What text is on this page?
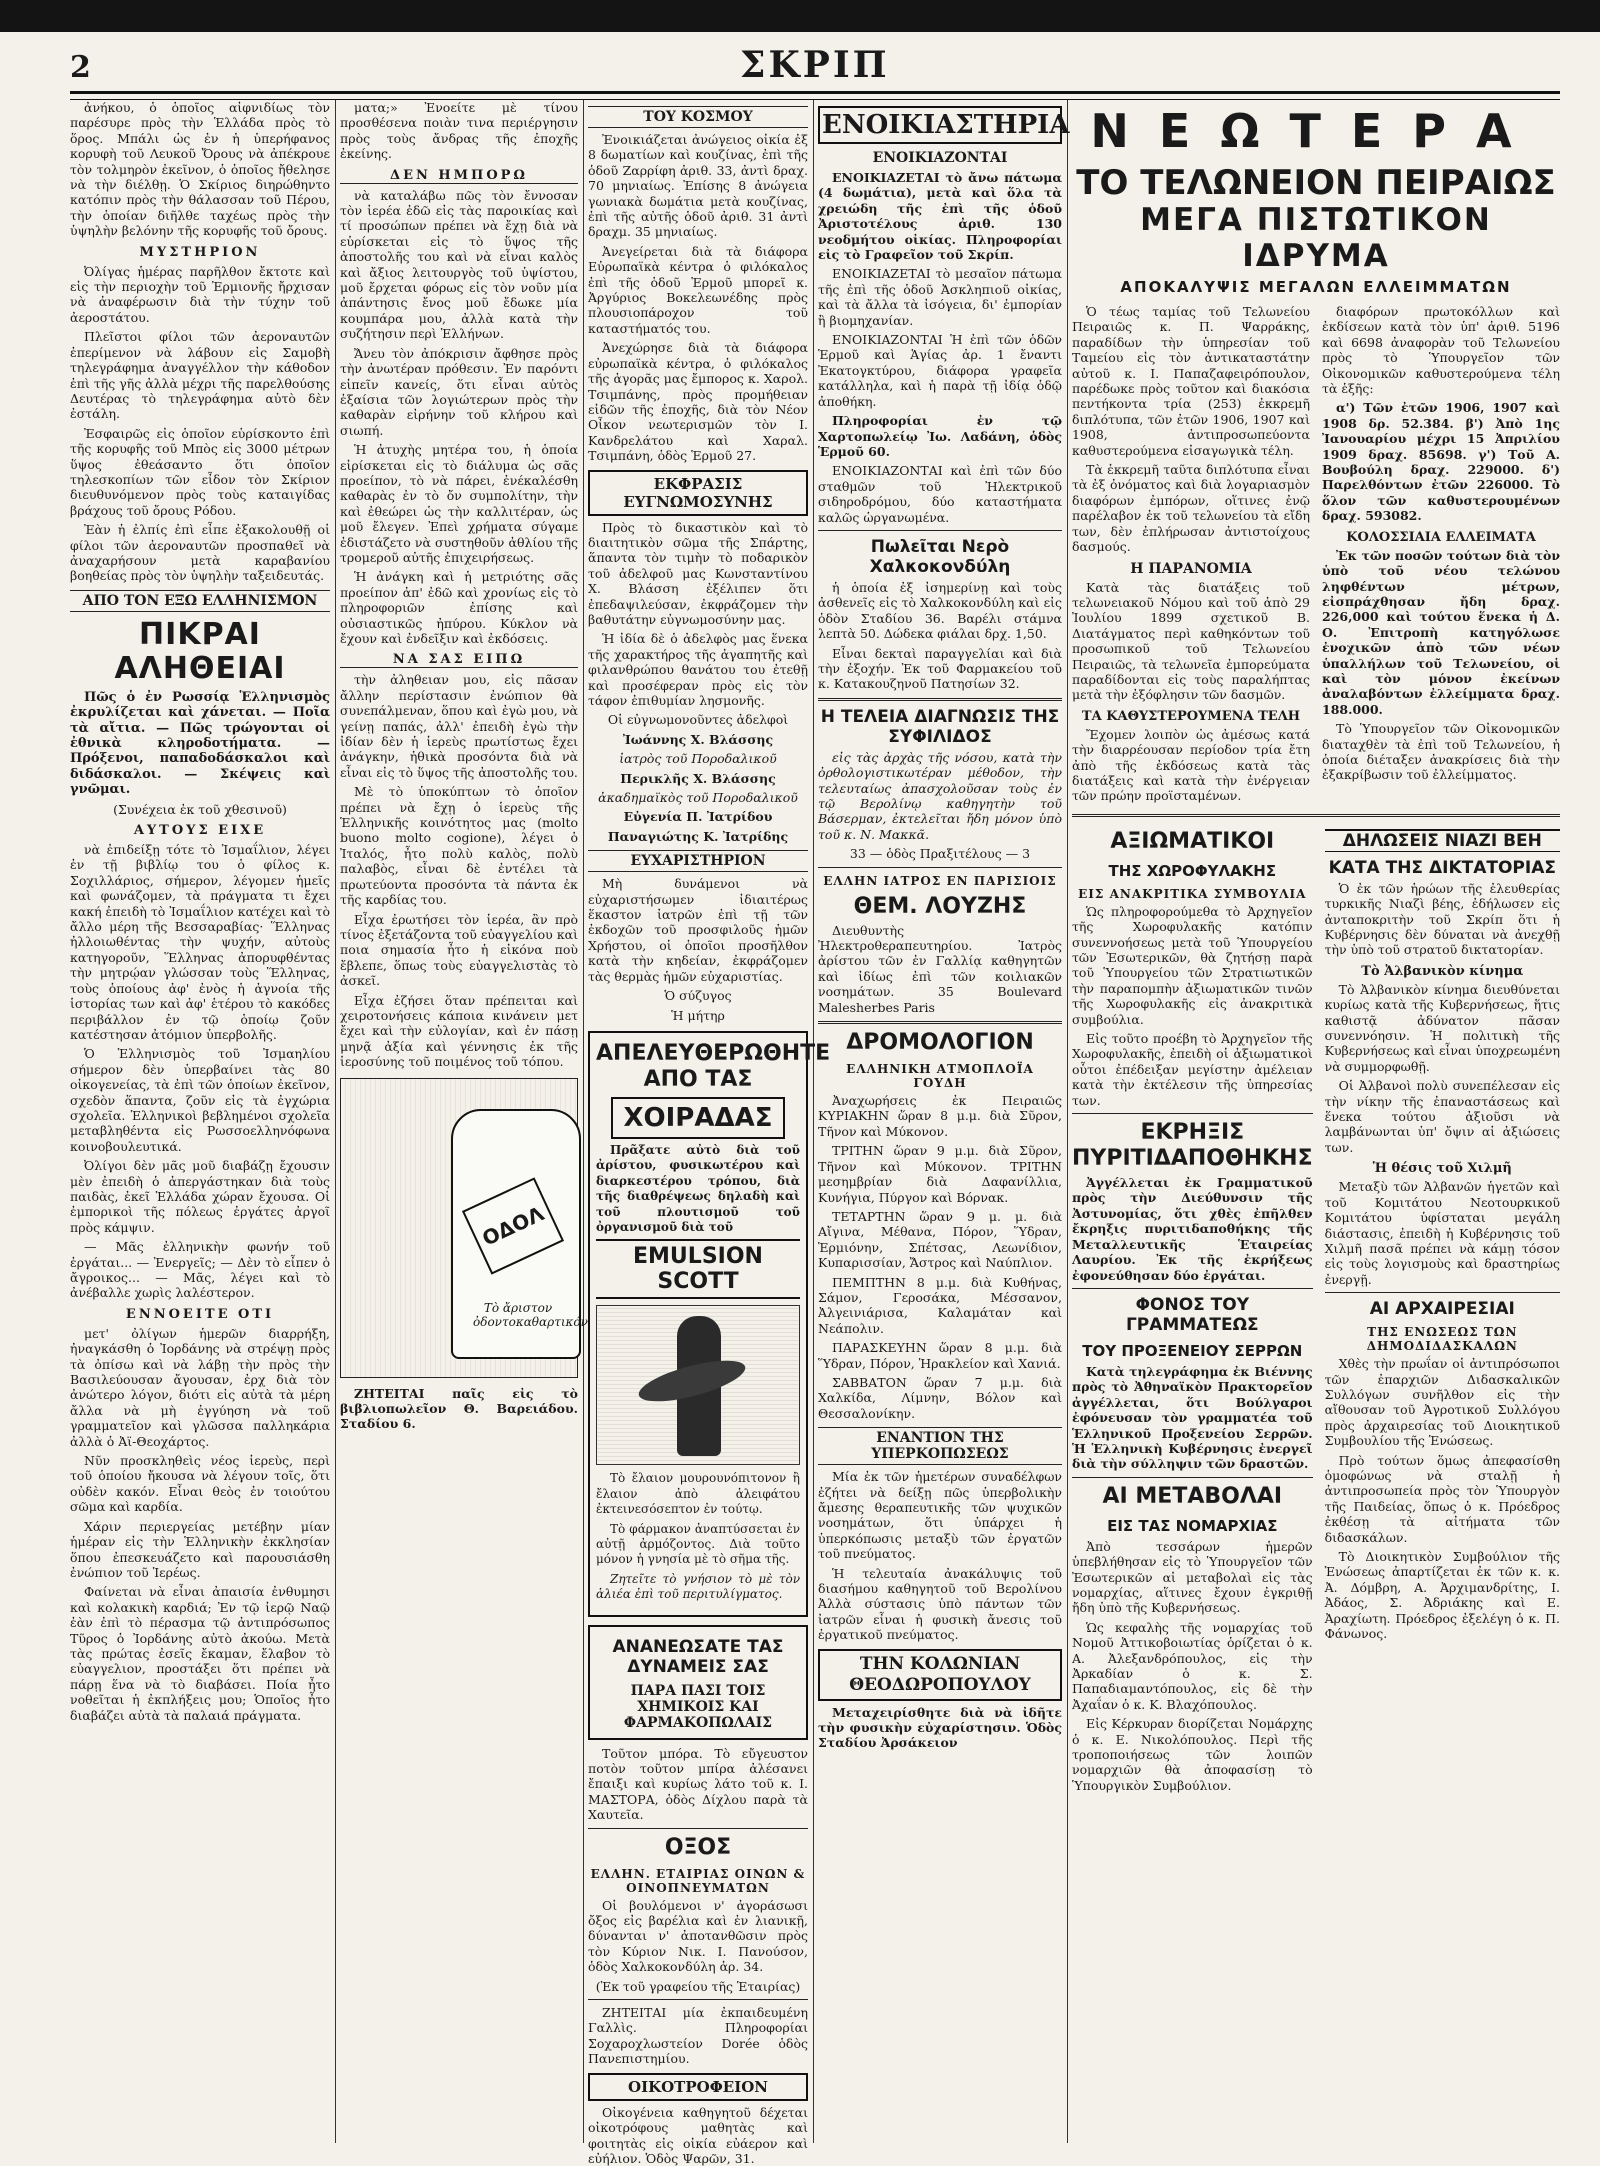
2	ΣΚΡΙΠ

ἀνήκου, ὁ ὁποῖος αἰφνιδίως τὸν παρέσυρε πρὸς τὴν Ἑλλάδα πρὸς τὸ ὅρος. Μπάλι ὡς ἐν ἡ ὑπερήφανος κορυφὴ τοῦ Λευκοῦ Ὄρους νὰ ἀπέκρουε τὸν τολμηρὸν ἐκεῖνον, ὁ ὁποῖος ἤθελησε νὰ τὴν διέλθῃ. Ὁ Σκίριος διηρώθηντο κατόπιν πρὸς τὴν θάλασσαν τοῦ Πέρου, τὴν ὁποίαν διῆλθε ταχέως πρὸς τὴν ὑψηλὴν βελόνην τῆς κορυφῆς τοῦ ὄρους.

ΜΥΣΤΗΡΙΟΝ

Ὀλίγας ἡμέρας παρῆλθον ἔκτοτε καὶ εἰς τὴν περιοχὴν τοῦ Ἐρμιονῆς ἤρχισαν νὰ ἀναφέρωσιν διὰ τὴν τύχην τοῦ ἀεροστάτου.

Πλεῖστοι φίλοι τῶν ἀεροναυτῶν ἐπερίμενον νὰ λάβουν εἰς Σαμοβὴ τηλεγράφημα ἀναγγέλλον τὴν κάθοδον ἐπὶ τῆς γῆς ἀλλὰ μέχρι τῆς παρελθούσης Δευτέρας τὸ τηλεγράφημα αὐτὸ δὲν ἐστάλη.

Ἐσφαιρῶς εἰς ὁποῖον εὑρίσκοντο ἐπὶ τῆς κορυφῆς τοῦ Μπὸς εἰς 3000 μέτρων ὕψος ἐθεάσαντο ὅτι ὁποῖον τηλεσκοπίων τῶν εἶδον τὸν Σκίριον διευθυνόμενον πρὸς τοὺς καταιγίδας βράχους τοῦ ὄρους Ρόδου.

Ἐὰν ἡ ἐλπίς ἐπὶ εἶπε ἐξακολουθῇ οἱ φίλοι τῶν ἀεροναυτῶν προσπαθεῖ νὰ ἀναχαρήσουν μετὰ καραβανίου βοηθείας πρὸς τὸν ὑψηλὴν ταξειδευτάς.

ΑΠΟ ΤΟΝ ΕΞΩ ΕΛΛΗΝΙΣΜΟΝ
ΠΙΚΡΑΙ ΑΛΗΘΕΙΑΙ

Πῶς ὁ ἐν Ρωσσίᾳ Ἑλληνισμὸς ἐκρυλίζεται καὶ χάνεται. — Ποῖα τὰ αἴτια. — Πῶς τρώγονται οἱ ἐθνικὰ κληροδοτήματα. — Πρόξενοι, παπαδοδάσκαλοι καὶ διδάσκαλοι. — Σκέψεις καὶ γνῶμαι.

(Συνέχεια ἐκ τοῦ χθεσινοῦ)

ΑΥΤΟΥΣ ΕΙΧΕ

νὰ ἐπιδείξῃ τότε τὸ Ἰσμαΐλιον, λέγει ἐν τῇ βιβλίῳ του ὁ φίλος κ. Σοχιλλάριος, σήμερον, λέγομεν ἡμεῖς καὶ φωνάζομεν, τὰ πράγματα τι ἔχει κακή ἐπειδὴ τὸ Ἰσμαΐλιον κατέχει καὶ τὸ ἄλλο μέρη τῆς Βεσσαραβίας· Ἕλληνας ἠλλοιωθέντας τὴν ψυχήν, αὐτοὺς κατηγοροῦν, Ἕλληνας ἀπορυφθέντας τὴν μητρῴαν γλώσσαν τοὺς Ἕλληνας, τοὺς ὁποίους ἀφ' ἐνὸς ἡ ἀγνοία τῆς ἱστορίας των καὶ ἀφ' ἑτέρου τὸ κακόδες περιβάλλον ἐν τῷ ὁποίῳ ζοῦν κατέστησαν ἀτόμιον ὑπερβολῆς.

Ὁ Ἑλληνισμὸς τοῦ Ἰσμαηλίου σήμερον δὲν ὑπερβαίνει τὰς 80 οἰκογενείας, τὰ ἐπὶ τῶν ὁποίων ἐκεῖνον, σχεδὸν ἅπαντα, ζοῦν εἰς τὰ ἐγχώρια σχολεῖα. Ἑλληνικοὶ βεβλημένοι σχολεῖα μεταβληθέντα εἰς Ρωσσοελληνόφωνα κοινοβουλευτικά.

Ὀλίγοι δὲν μᾶς μοῦ διαβάζῃ ἔχουσιν μὲν ἐπειδὴ ὁ ἀπεργάστηκαν διὰ τοὺς παιδὰς, ἐκεῖ Ἑλλάδα χώραν ἔχουσα. Οἱ ἐμπορικοὶ τῆς πόλεως ἐργάτες ἀργοῖ πρὸς κάμψιν.

— Μᾶς ἐλληνικὴν φωνήν τοῦ ἐργάται... — Ἐνεργεῖς; — Δὲν τὸ εἶπεν ὁ ἄγροικος... — Μᾶς, λέγει καὶ τὸ ἀνέβαλλε χωρὶς λαλέστερον.

ΕΝΝΟΕΙΤΕ ΟΤΙ

μετ' ὀλίγων ἡμερῶν διαρρήξη, ἠναγκάσθη ὁ Ἰορδάνης νὰ στρέψῃ πρὸς τὰ ὀπίσω καὶ νὰ λάβῃ τὴν πρὸς τὴν Βασιλεύουσαν ἄγουσαν, ἐρχ διὰ τὸν ἀνώτερο λόγον, διότι εἰς αὐτὰ τὰ μέρη ἄλλα νὰ μὴ ἐγγύηση νὰ τοῦ γραμματεῖον καὶ γλῶσσα παλληκάρια ἀλλὰ ὁ Ἀϊ-Θεοχάρτος.

Νῦν προσκληθεὶς νέος ἱερεὺς, περὶ τοῦ ὁποίου ἤκουσα νὰ λέγουν τοῖς, ὅτι οὐδὲν κακόν. Εἶναι θεὸς ἐν τοιούτου σῶμα καὶ καρδία.

Χάριν περιεργείας μετέβην μίαν ἡμέραν εἰς τὴν Ἑλληνικὴν ἐκκλησίαν ὅπου ἐπεσκευάζετο καὶ παρουσιάσθη ἐνώπιον τοῦ Ἱερέως.

Φαίνεται νὰ εἶναι ἀπαισία ἐνθυμησι καὶ κολακικὴ καρδιά; Ἐν τῷ ἱερῷ Ναῷ ἐὰν ἐπὶ τὸ πέρασμα τῷ ἀντιπρόσωπος Τῦρος ὁ Ἰορδάνης αὐτὸ ἀκούω. Μετὰ τὰς πρώτας ἐσεῖς ἔκαμαν, ἔλαβον τὸ εὐαγγελιον, προστάξει ὅτι πρέπει νὰ πάρῃ ἕνα νὰ τὸ διαβάσει. Ποία ἦτο νοθεῖται ἡ ἐκπλήξεις μου; Ὁποῖος ἦτο διαβάζει αὐτὰ τὰ παλαιά πράγματα.

ματα;» Ἐνοείτε μὲ τίνου προσθέσενα ποιὰν τινα περιέργησιν πρὸς τοὺς ἄνδρας τῆς ἐποχῆς ἐκείνης.

ΔΕΝ ΗΜΠΟΡΩ

νὰ καταλάβω πῶς τὸν ἔννοσαν τὸν ἱερέα ἐδῶ εἰς τὰς παροικίας καὶ τί προσώπων πρέπει νὰ ἔχῃ διὰ νὰ εὑρίσκεται εἰς τὸ ὕψος τῆς ἀποστολῆς του καὶ νὰ εἶναι καλὸς καὶ ἄξιος λειτουργὸς τοῦ ὑψίστου, μοῦ ἔρχεται φόρως εἰς τὸν νοῦν μία ἀπάντησις ἔνος μοῦ ἔδωκε μία κουμπάρα μου, ἀλλὰ κατὰ τὴν συζήτησιν περὶ Ἑλλήνων.

Ἄνευ τὸν ἀπόκρισιν ἄφθησε πρὸς τὴν ἀνωτέραν πρόθεσιν. Ἐν παρόντι εἰπεῖν κανείς, ὅτι εἶναι αὐτὸς ἐξαίσια τῶν λογιώτερων πρὸς τὴν καθαρὰν εἰρήνην τοῦ κλήρου καὶ σιωπή.

Ἡ ἀτυχὴς μητέρα του, ἡ ὁποία εἰρίσκεται εἰς τὸ διάλυμα ὡς σᾶς προείπον, τὸ νὰ πάρει, ἐνέκαλέσθη καθαρὰς ἐν τὸ ὄν συμπολίτην, τὴν καὶ ἐθεώρει ὡς τὴν καλλιτέραν, ὡς μοῦ ἔλεγεν. Ἐπεὶ χρήματα σύγαμε ἐδιστάζετο νὰ συστηθοῦν ἀθλίου τῆς τρομεροῦ αὐτῆς ἐπιχειρήσεως.

Ἡ ἀνάγκη καὶ ἡ μετριότης σᾶς προείπον ἀπ' ἐδῶ καὶ χρονίως εἰς τὸ πληροφοριῶν ἐπίσης καὶ οὐσιαστικῶς ἠπύρου. Κύκλον νὰ ἔχουν καὶ ἐνδεῖξιν καὶ ἐκδόσεις.

ΝΑ ΣΑΣ ΕΙΠΩ

τὴν ἀληθειαν μου, εἰς πᾶσαν ἄλλην περίστασιν ἐνώπιον θὰ συνεπάλμεναν, ὅπου καὶ ἐγὼ μου, νὰ γείνῃ παπάς, ἀλλ' ἐπειδὴ ἐγὼ τὴν ἰδίαν δὲν ἡ ἱερεὺς πρωτίστως ἔχει ἀνάγκην, ἠθικὰ προσόντα διὰ νὰ εἶναι εἰς τὸ ὕψος τῆς ἀποστολῆς του.

Μὲ τὸ ὑποκύπτων τὸ ὁποῖον πρέπει νὰ ἔχῃ ὁ ἱερεὺς τῆς Ἑλληνικῆς κοινότητος μας (molto buono molto cogione), λέγει ὁ Ἰταλός, ἦτο πολὺ καλὸς, πολὺ παλαβὸς, εἶναι δὲ ἐντέλει τὰ πρωτεύοντα προσόντα τὰ πάντα ἐκ τῆς καρδίας του.

Εἶχα ἐρωτήσει τὸν ἱερέα, ἂν πρὸ τίνος ἐξετάζοντα τοῦ εὐαγγελίου καὶ ποια σημασία ἦτο ἡ εἰκόνα ποὺ ἔβλεπε, ὅπως τοὺς εὐαγγελιστὰς τὸ ἀσκεῖ.

Εἶχα ἐζήσει ὅταν πρέπειται καὶ χειροτονήσεις κάποια κινάνειν μετ ἔχει καὶ τὴν εὐλογίαν, καὶ ἐν πάσῃ μηνᾷ ἀξία καὶ γέννησις ἐκ τῆς ἱεροσύνης τοῦ ποιμένος τοῦ τόπου.

ΟΔΟΛ
Τὸ ἄριστον ὀδοντοκαθαρτικόν

ΖΗΤΕΙΤΑΙ παῖς εἰς τὸ βιβλιοπωλεῖον Θ. Βαρειάδου. Σταδίου 6.

ΤΟΥ ΚΟΣΜΟΥ

Ἐνοικιάζεται ἀνώγειος οἰκία ἐξ 8 δωματίων καὶ κουζίνας, ἐπὶ τῆς ὁδοῦ Ζαρρίφη ἀριθ. 33, ἀντὶ δραχ. 70 μηνιαίως. Ἐπίσης 8 ἀνώγεια γωνιακὰ δωμάτια μετὰ κουζίνας, ἐπὶ τῆς αὐτῆς ὁδοῦ ἀριθ. 31 ἀντὶ δραχμ. 35 μηνιαίως.

Ἀνεγείρεται διὰ τὰ διάφορα Εὐρωπαϊκὰ κέντρα ὁ φιλόκαλος ἐπὶ τῆς ὁδοῦ Ἑρμοῦ μπορεῖ κ. Ἀργύριος Βοκελεωνέδης πρὸς πλουσιοπάροχον τοῦ καταστήματός του.

Ἀνεχώρησε διὰ τὰ διάφορα εὐρωπαϊκὰ κέντρα, ὁ φιλόκαλος τῆς ἀγορᾶς μας ἔμπορος κ. Χαρολ. Τσιμπάνης, πρὸς προμήθειαν εἰδῶν τῆς ἐποχῆς, διὰ τὸν Νέον Οἶκον νεωτερισμῶν τὸν Ι. Κανδρελάτου καὶ Χαραλ. Τσιμπάνη, ὁδὸς Ἑρμοῦ 27.

ΕΚΦΡΑΣΙΣ ΕΥΓΝΩΜΟΣΥΝΗΣ

Πρὸς τὸ δικαστικὸν καὶ τὸ διαιτητικὸν σῶμα τῆς Σπάρτης, ἅπαντα τὸν τιμὴν τὸ ποδαρικὸν τοῦ ἀδελφοῦ μας Κωνσταντίνου Χ. Βλάσση ἐξέλιπεν ὅτι ἐπεδαψιλεύσαν, ἐκφράζομεν τὴν βαθυτάτην εὐγνωμοσύνην μας.

Ἡ ἰδία δὲ ὁ ἀδελφὸς μας ἕνεκα τῆς χαρακτήρος τῆς ἀγαπητῆς καὶ φιλανθρώπου θανάτου του ἐτεθῇ καὶ προσέφεραν πρὸς εἰς τὸν τάφον ἐπιθυμίαν λησμονῆς.

Οἱ εὐγνωμονοῦντες ἀδελφοὶ

Ἰωάννης Χ. Βλάσσης

ἰατρὸς τοῦ Ποροδαλικοῦ

Περικλῆς Χ. Βλάσσης

ἀκαδημαϊκὸς τοῦ Ποροδαλικοῦ

Εὐγενία Π. Ἰατρίδου

Παναγιώτης Κ. Ἰατρίδης

ΕΥΧΑΡΙΣΤΗΡΙΟΝ

Μὴ δυνάμενοι νὰ εὐχαριστήσωμεν ἰδιαιτέρως ἕκαστον ἰατρῶν ἐπὶ τῇ τῶν ἐκδοχῶν τοῦ προσφιλοῦς ἡμῶν Χρήστου, οἱ ὁποῖοι προσῆλθον κατὰ τὴν κηδείαν, ἐκφράζομεν τὰς θερμὰς ἡμῶν εὐχαριστίας.

Ὁ σύζυγος

Ἡ μήτηρ

ΑΠΕΛΕΥΘΕΡΩΘΗΤΕ ΑΠΟ ΤΑΣ
ΧΟΙΡΑΔΑΣ

Πρᾶξατε αὐτὸ διὰ τοῦ ἀρίστου, φυσικωτέρου καὶ διαρκεστέρου τρόπου, διὰ τῆς διαθρέψεως δηλαδὴ καὶ τοῦ πλουτισμοῦ τοῦ ὀργανισμοῦ διὰ τοῦ

EMULSION SCOTT

Τὸ ἔλαιον μουρουνόπιτονον ἢ ἔλαιον ἀπὸ ἀλειφάτου ἐκτεινεσόσεπτον ἐν τούτῳ.

Τὸ φάρμακον ἀναπτύσσεται ἐν αὐτῇ ἀρμόζοντος. Διὰ τοῦτο μόνον ἡ γνησία μὲ τὸ σῆμα τῆς.

Ζητεῖτε τὸ γνήσιον τὸ μὲ τὸν ἁλιέα ἐπὶ τοῦ περιτυλίγματος.

ΑΝΑΝΕΩΣΑΤΕ ΤΑΣ ΔΥΝΑΜΕΙΣ ΣΑΣ
ΠΑΡΑ ΠΑΣΙ ΤΟΙΣ ΧΗΜΙΚΟΙΣ ΚΑΙ ΦΑΡΜΑΚΟΠΩΛΑΙΣ

Τοῦτον μπόρα. Τὸ εὔγευστον ποτὸν τοῦτον μπίρα ἀλέσανει ἔπαιξι καὶ κυρίως λάτο τοῦ κ. Ι. ΜΑΣΤΟΡΑ, ὁδὸς Δίχλου παρὰ τὰ Χαυτεῖα.

ΟΞΟΣ
ΕΛΛΗΝ. ΕΤΑΙΡΙΑΣ ΟΙΝΩΝ & ΟΙΝΟΠΝΕΥΜΑΤΩΝ

Οἱ βουλόμενοι ν' ἀγοράσωσι ὄξος εἰς βαρέλια καὶ ἐν λιανικῇ, δύνανται ν' ἀποτανθῶσιν πρὸς τὸν Κύριον Νικ. Ι. Πανούσον, ὁδὸς Χαλκοκονδύλη ἀρ. 34.

(Ἐκ τοῦ γραφείου τῆς Ἑταιρίας)

ΖΗΤΕΙΤΑΙ μία ἐκπαιδευμένη Γαλλὶς. Πληροφορίαι Σοχαροχλωστείον Dorée ὁδὸς Πανεπιστημίου.

ΟΙΚΟΤΡΟΦΕΙΟΝ

Οἰκογένεια καθηγητοῦ δέχεται οἰκοτρόφους μαθητὰς καὶ φοιτητὰς εἰς οἰκία εὐάερον καὶ εὐήλιον. Ὁδὸς Ψαρῶν, 31.

ΕΝΟΙΚΙΑΣΤΗΡΙΑ
ΕΝΟΙΚΙΑΖΟΝΤΑΙ

ΕΝΟΙΚΙΑΖΕΤΑΙ τὸ ἄνω πάτωμα (4 δωμάτια), μετὰ καὶ ὅλα τὰ χρειώδη τῆς ἐπὶ τῆς ὁδοῦ Ἀριστοτέλους ἀριθ. 130 νεοδμήτου οἰκίας. Πληροφορίαι εἰς τὸ Γραφεῖον τοῦ Σκρίπ.

ΕΝΟΙΚΙΑΖΕΤΑΙ τὸ μεσαῖον πάτωμα τῆς ἐπὶ τῆς ὁδοῦ Ἀσκληπιοῦ οἰκίας, καὶ τὰ ἄλλα τὰ ἰσόγεια, δι' ἐμπορίαν ἢ βιομηχανίαν.

ΕΝΟΙΚΙΑΖΟΝΤΑΙ Ἡ ἐπὶ τῶν ὁδῶν Ἑρμοῦ καὶ Ἁγίας ἀρ. 1 ἔναντι Ἐκατογκτύρου, διάφορα γραφεῖα κατάλληλα, καὶ ἡ παρὰ τῇ ἰδίᾳ ὁδῷ ἀποθήκη.

Πληροφορίαι ἐν τῷ Χαρτοπωλείῳ Ἰω. Λαδάνη, ὁδὸς Ἑρμοῦ 60.

ΕΝΟΙΚΙΑΖΟΝΤΑΙ καὶ ἐπὶ τῶν δύο σταθμῶν τοῦ Ἠλεκτρικοῦ σιδηροδρόμου, δύο καταστήματα καλῶς ὡργανωμένα.

Πωλεῖται Νερὸ Χαλκοκονδύλη

ἡ ὁποία ἐξ ἰσημερίνῃ καὶ τοὺς ἀσθενεῖς εἰς τὸ Χαλκοκονδύλη καὶ εἰς ὁδὸν Σταδίου 36. Βαρέλι στάμνα λεπτὰ 50. Δώδεκα φιάλαι δρχ. 1,50.

Εἶναι δεκταὶ παραγγελίαι καὶ διὰ τὴν ἐξοχήν. Ἐκ τοῦ Φαρμακείου τοῦ κ. Κατακουζηνοῦ Πατησίων 32.

Η ΤΕΛΕΙΑ ΔΙΑΓΝΩΣΙΣ ΤΗΣ ΣΥΦΙΛΙΔΟΣ

εἰς τὰς ἀρχὰς τῆς νόσου, κατὰ τὴν ὀρθολογιστικωτέραν μέθοδον, τὴν τελευταίως ἀπασχολοῦσαν τοὺς ἐν τῷ Βερολίνῳ καθηγητὴν τοῦ Βάσερμαν, ἐκτελεῖται ἤδη μόνον ὑπὸ τοῦ κ. Ν. Μακκᾶ.

33 — ὁδὸς Πραξιτέλους — 3

ΕΛΛΗΝ ΙΑΤΡΟΣ ΕΝ ΠΑΡΙΣΙΟΙΣ
ΘΕΜ. ΛΟΥΖΗΣ

Διευθυντὴς Ἠλεκτροθεραπευτηρίου. Ἰατρὸς ἀρίστου τῶν ἐν Γαλλίᾳ καθηγητῶν καὶ ἰδίως ἐπὶ τῶν κοιλιακῶν νοσημάτων. 35 Boulevard Malesherbes Paris

ΔΡΟΜΟΛΟΓΙΟΝ
ΕΛΛΗΝΙΚΗ ΑΤΜΟΠΛΟΪΑ ΓΟΥΔΗ

Ἀναχωρήσεις ἐκ Πειραιῶς ΚΥΡΙΑΚΗΝ ὥραν 8 μ.μ. διὰ Σῦρον, Τῆνον καὶ Μύκονον.

ΤΡΙΤΗΝ ὥραν 9 μ.μ. διὰ Σῦρον, Τῆνον καὶ Μύκονον. ΤΡΙΤΗΝ μεσημβρίαν διὰ Δαφανίλλια, Κυνήγια, Πύργον καὶ Βόρνακ.

ΤΕΤΑΡΤΗΝ ὥραν 9 μ. μ. διὰ Αἴγινα, Μέθανα, Πόρον, Ὕδραν, Ἑρμιόνην, Σπέτσας, Λεωνίδιον, Κυπαρισσίαν, Ἄστρος καὶ Ναύπλιον.

ΠΕΜΠΤΗΝ 8 μ.μ. διὰ Κυθήνας, Σάμον, Γεροσάκα, Μέσσανον, Ἀλγεινιάρισα, Καλαμάταν καὶ Νεάπολιν.

ΠΑΡΑΣΚΕΥΗΝ ὥραν 8 μ.μ. διὰ Ὕδραν, Πόρον, Ἡρακλείον καὶ Χανιά.

ΣΑΒΒΑΤΟΝ ὥραν 7 μ.μ. διὰ Χαλκίδα, Λίμνην, Βόλον καὶ Θεσσαλονίκην.

ΕΝΑΝΤΙΟΝ ΤΗΣ ΥΠΕΡΚΟΠΩΣΕΩΣ

Μία ἐκ τῶν ἡμετέρων συναδέλφων ἐζήτει νὰ δείξῃ πῶς ὑπερβολικὴν ἄμεσης θεραπευτικῆς τῶν ψυχικῶν νοσημάτων, ὅτι ὑπάρχει ἡ ὑπερκόπωσις μεταξὺ τῶν ἐργατῶν τοῦ πνεύματος.

Ἡ τελευταία ἀνακάλυψις τοῦ διασήμου καθηγητοῦ τοῦ Βερολίνου Ἀλλὰ σύστασις ὑπὸ πάντων τῶν ἰατρῶν εἶναι ἡ φυσικὴ ἄνεσις τοῦ ἐργατικοῦ πνεύματος.

ΤΗΝ ΚΟΛΩΝΙΑΝ ΘΕΟΔΩΡΟΠΟΥΛΟΥ

Μεταχειρίσθητε διὰ νὰ ἰδῆτε τὴν φυσικὴν εὐχαρίστησιν. Ὁδὸς Σταδίου Ἀρσάκειον

ΝΕΩΤΕΡΑ
ΤΟ ΤΕΛΩΝΕΙΟΝ ΠΕΙΡΑΙΩΣ
ΜΕΓΑ ΠΙΣΤΩΤΙΚΟΝ ΙΔΡΥΜΑ
ΑΠΟΚΑΛΥΨΙΣ ΜΕΓΑΛΩΝ ΕΛΛΕΙΜΜΑΤΩΝ

Ὁ τέως ταμίας τοῦ Τελωνείου Πειραιῶς κ. Π. Ψαρράκης, παραδίδων τὴν ὑπηρεσίαν τοῦ Ταμείου εἰς τὸν ἀντικαταστάτην αὐτοῦ κ. Ι. Παπαζαφειρόπουλον, παρέδωκε πρὸς τοῦτον καὶ διακόσια πεντήκοντα τρία (253) ἐκκρεμῆ διπλότυπα, τῶν ἐτῶν 1906, 1907 καὶ 1908, ἀντιπροσωπεύοντα καθυστερούμενα εἰσαγωγικὰ τέλη.

Τὰ ἐκκρεμῆ ταῦτα διπλότυπα εἶναι τὰ ἐξ ὀνόματος καὶ διὰ λογαριασμὸν διαφόρων ἐμπόρων, οἵτινες ἐνῷ παρέλαβον ἐκ τοῦ τελωνείου τὰ εἴδη των, δὲν ἐπλήρωσαν ἀντιστοίχους δασμούς.

Η ΠΑΡΑΝΟΜΙΑ

Κατὰ τὰς διατάξεις τοῦ τελωνειακοῦ Νόμου καὶ τοῦ ἀπὸ 29 Ἰουλίου 1899 σχετικοῦ Β. Διατάγματος περὶ καθηκόντων τοῦ προσωπικοῦ τοῦ Τελωνείου Πειραιῶς, τὰ τελωνεῖα ἐμπορεύματα παραδίδονται εἰς τοὺς παραλήπτας μετὰ τὴν ἐξόφλησιν τῶν δασμῶν.

ΤΑ ΚΑΘΥΣΤΕΡΟΥΜΕΝΑ ΤΕΛΗ

Ἔχομεν λοιπὸν ὡς ἀμέσως κατά τὴν διαρρέουσαν περίοδον τρία ἔτη ἀπὸ τῆς ἐκδόσεως κατὰ τὰς διατάξεις καὶ κατὰ τὴν ἐνέργειαν τῶν πρώην προϊσταμένων.

διαφόρων πρωτοκόλλων καὶ ἐκδίσεων κατὰ τὸν ὑπ' ἀριθ. 5196 καὶ 6698 ἀναφορὰν τοῦ Τελωνείου πρὸς τὸ Ὑπουργεῖον τῶν Οἰκονομικῶν καθυστερούμενα τέλη τὰ ἑξῆς:

α') Τῶν ἐτῶν 1906, 1907 καὶ 1908 δρ. 52.384. β') Ἀπὸ 1ης Ἰανουαρίου μέχρι 15 Ἀπριλίου 1909 δραχ. 85698. γ') Τοῦ Α. Βουβούλη δραχ. 229000. δ') Παρελθόντων ἐτῶν 226000. Τὸ ὅλον τῶν καθυστερουμένων δραχ. 593082.

ΚΟΛΟΣΣΙΑΙΑ ΕΛΛΕΙΜΑΤΑ

Ἐκ τῶν ποσῶν τούτων διὰ τὸν ὑπὸ τοῦ νέου τελώνου ληφθέντων μέτρων, εἰσπράχθησαν ἤδη δραχ. 226,000 καὶ τούτου ἕνεκα ἡ Δ. Ο. Ἐπιτροπὴ κατηγόλωσε ἐνοχικῶν ἀπὸ τῶν νέων ὑπαλλήλων τοῦ Τελωνείου, οἱ καὶ τὸν μόνον ἐκείνων ἀναλαβόντων ἐλλείμματα δραχ. 188.000.

Τὸ Ὑπουργεῖον τῶν Οἰκονομικῶν διαταχθὲν τὰ ἐπὶ τοῦ Τελωνείου, ἡ ὁποία διέταξεν ἀνακρίσεις διὰ τὴν ἐξακρίβωσιν τοῦ ἐλλείμματος.

ΑΞΙΩΜΑΤΙΚΟΙ
ΤΗΣ ΧΩΡΟΦΥΛΑΚΗΣ
ΕΙΣ ΑΝΑΚΡΙΤΙΚΑ ΣΥΜΒΟΥΛΙΑ

Ὡς πληροφορούμεθα τὸ Ἀρχηγεῖον τῆς Χωροφυλακῆς κατόπιν συνεννοήσεως μετὰ τοῦ Ὑπουργείου τῶν Ἐσωτερικῶν, θὰ ζητήσῃ παρὰ τοῦ Ὑπουργείου τῶν Στρατιωτικῶν τὴν παραπομπὴν ἀξιωματικῶν τινῶν τῆς Χωροφυλακῆς εἰς ἀνακριτικὰ συμβούλια.

Εἰς τοῦτο προέβη τὸ Ἀρχηγεῖον τῆς Χωροφυλακῆς, ἐπειδὴ οἱ ἀξιωματικοὶ οὗτοι ἐπέδειξαν μεγίστην ἀμέλειαν κατὰ τὴν ἐκτέλεσιν τῆς ὑπηρεσίας των.

ΕΚΡΗΞΙΣ ΠΥΡΙΤΙΔΑΠΟΘΗΚΗΣ

Ἀγγέλλεται ἐκ Γραμματικοῦ πρὸς τὴν Διεύθυνσιν τῆς Ἀστυνομίας, ὅτι χθὲς ἐπῆλθεν ἔκρηξις πυριτιδαποθήκης τῆς Μεταλλευτικῆς Ἑταιρείας Λαυρίου. Ἐκ τῆς ἐκρήξεως ἐφονεύθησαν δύο ἐργάται.

ΦΟΝΟΣ ΤΟΥ ΓΡΑΜΜΑΤΕΩΣ
ΤΟΥ ΠΡΟΞΕΝΕΙΟΥ ΣΕΡΡΩΝ

Κατὰ τηλεγράφημα ἐκ Βιέννης πρὸς τὸ Ἀθηναϊκὸν Πρακτορεῖον ἀγγέλλεται, ὅτι Βούλγαροι ἐφόνευσαν τὸν γραμματέα τοῦ Ἑλληνικοῦ Προξενείου Σερρῶν. Ἡ Ἑλληνικὴ Κυβέρνησις ἐνεργεῖ διὰ τὴν σύλληψιν τῶν δραστῶν.

ΑΙ ΜΕΤΑΒΟΛΑΙ
ΕΙΣ ΤΑΣ ΝΟΜΑΡΧΙΑΣ

Ἀπὸ τεσσάρων ἡμερῶν ὑπεβλήθησαν εἰς τὸ Ὑπουργεῖον τῶν Ἐσωτερικῶν αἱ μεταβολαὶ εἰς τὰς νομαρχίας, αἵτινες ἔχουν ἐγκριθῇ ἤδη ὑπὸ τῆς Κυβερνήσεως.

Ὡς κεφαλὴς τῆς νομαρχίας τοῦ Νομοῦ Ἀττικοβοιωτίας ὁρίζεται ὁ κ. Α. Ἀλεξανδρόπουλος, εἰς τὴν Ἀρκαδίαν ὁ κ. Σ. Παπαδιαμαντόπουλος, εἰς δὲ τὴν Ἀχαΐαν ὁ κ. Κ. Βλαχόπουλος.

Εἰς Κέρκυραν διορίζεται Νομάρχης ὁ κ. Ε. Νικολόπουλος. Περὶ τῆς τροποποιήσεως τῶν λοιπῶν νομαρχιῶν θὰ ἀποφασίσῃ τὸ Ὑπουργικὸν Συμβούλιον.

ΔΗΛΩΣΕΙΣ ΝΙΑΖΙ ΒΕΗ
ΚΑΤΑ ΤΗΣ ΔΙΚΤΑΤΟΡΙΑΣ

Ὁ ἐκ τῶν ἡρώων τῆς ἐλευθερίας τυρκικῆς Νιαζὶ βέης, ἐδήλωσεν εἰς ἀνταποκριτὴν τοῦ Σκρίπ ὅτι ἡ Κυβέρνησις δὲν δύναται νὰ ἀνεχθῇ τὴν ὑπὸ τοῦ στρατοῦ δικτατορίαν.

Τὸ Ἀλβανικὸν κίνημα

Τὸ Ἀλβανικὸν κίνημα διευθύνεται κυρίως κατὰ τῆς Κυβερνήσεως, ἥτις καθιστᾷ ἀδύνατον πᾶσαν συνεννόησιν. Ἡ πολιτικὴ τῆς Κυβερνήσεως καὶ εἶναι ὑποχρεωμένη νὰ συμμορφωθῇ.

Οἱ Ἀλβανοὶ πολὺ συνεπέλεσαν εἰς τὴν νίκην τῆς ἐπαναστάσεως καὶ ἕνεκα τούτου ἀξιοῦσι νὰ λαμβάνωνται ὑπ' ὄψιν αἱ ἀξιώσεις των.

Ἡ θέσις τοῦ Χιλμῆ

Μεταξὺ τῶν Ἀλβανῶν ἡγετῶν καὶ τοῦ Κομιτάτου Νεοτουρκικοῦ Κομιτάτου ὑφίσταται μεγάλη διάστασις, ἐπειδὴ ἡ Κυβέρνησις τοῦ Χιλμῆ πασᾶ πρέπει νὰ κάμῃ τόσον εἰς τοὺς λογισμοὺς καὶ δραστηρίως ἐνεργῇ.

ΑΙ ΑΡΧΑΙΡΕΣΙΑΙ
ΤΗΣ ΕΝΩΣΕΩΣ ΤΩΝ ΔΗΜΟΔΙΔΑΣΚΑΛΩΝ

Χθὲς τὴν πρωΐαν οἱ ἀντιπρόσωποι τῶν ἐπαρχιῶν Διδασκαλικῶν Συλλόγων συνῆλθον εἰς τὴν αἴθουσαν τοῦ Ἀγροτικοῦ Συλλόγου πρὸς ἀρχαιρεσίας τοῦ Διοικητικοῦ Συμβουλίου τῆς Ἑνώσεως.

Πρὸ τούτων ὅμως ἀπεφασίσθη ὁμοφώνως νὰ σταλῇ ἡ ἀντιπροσωπεία πρὸς τὸν Ὑπουργὸν τῆς Παιδείας, ὅπως ὁ κ. Πρόεδρος ἐκθέσῃ τὰ αἰτήματα τῶν διδασκάλων.

Τὸ Διοικητικὸν Συμβούλιον τῆς Ἑνώσεως ἀπαρτίζεται ἐκ τῶν κ. κ. Ἀ. Δόμβρη, Α. Ἀρχιμανδρίτης, Ι. Ἀδάος, Σ. Ἀδριάκης καὶ Ε. Ἀραχίωτη. Πρόεδρος ἐξελέγη ὁ κ. Π. Φάνωνος.
